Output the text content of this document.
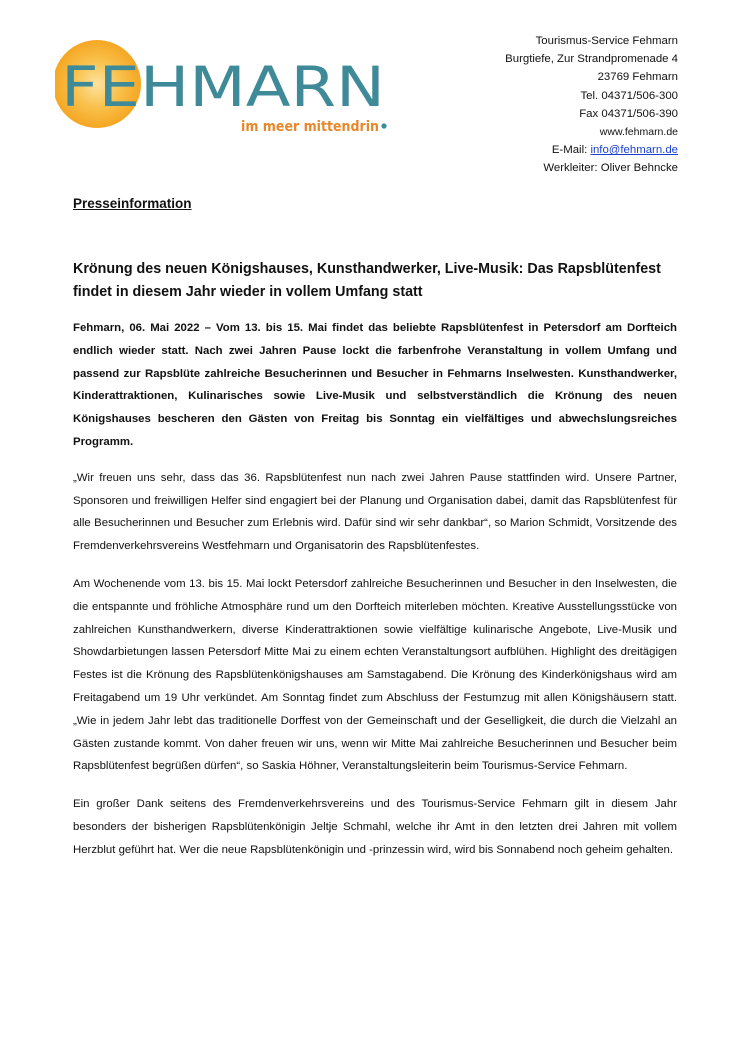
FEHMARN
im meer mittendrin
Tourismus-Service Fehmarn
Burgtiefe, Zur Strandpromenade 4
23769 Fehmarn
Tel. 04371/506-300
Fax 04371/506-390
www.fehmarn.de
E-Mail: info@fehmarn.de
Werkleiter: Oliver Behncke
Presseinformation
Krönung des neuen Königshauses, Kunsthandwerker, Live-Musik: Das Rapsblütenfest findet in diesem Jahr wieder in vollem Umfang statt

Fehmarn, 06. Mai 2022 – Vom 13. bis 15. Mai findet das beliebte Rapsblütenfest in Petersdorf am Dorfteich endlich wieder statt. Nach zwei Jahren Pause lockt die farbenfrohe Veranstaltung in vollem Umfang und passend zur Rapsblüte zahlreiche Besucherinnen und Besucher in Fehmarns Inselwesten. Kunsthandwerker, Kinderattraktionen, Kulinarisches sowie Live-Musik und selbstverständlich die Krönung des neuen Königshauses bescheren den Gästen von Freitag bis Sonntag ein vielfältiges und abwechslungsreiches Programm.

„Wir freuen uns sehr, dass das 36. Rapsblütenfest nun nach zwei Jahren Pause stattfinden wird. Unsere Partner, Sponsoren und freiwilligen Helfer sind engagiert bei der Planung und Organisation dabei, damit das Rapsblütenfest für alle Besucherinnen und Besucher zum Erlebnis wird. Dafür sind wir sehr dankbar“, so Marion Schmidt, Vorsitzende des Fremdenverkehrsvereins Westfehmarn und Organisatorin des Rapsblütenfestes.

Am Wochenende vom 13. bis 15. Mai lockt Petersdorf zahlreiche Besucherinnen und Besucher in den Inselwesten, die die entspannte und fröhliche Atmosphäre rund um den Dorfteich miterleben möchten. Kreative Ausstellungsstücke von zahlreichen Kunsthandwerkern, diverse Kinderattraktionen sowie vielfältige kulinarische Angebote, Live-Musik und Showdarbietungen lassen Petersdorf Mitte Mai zu einem echten Veranstaltungsort aufblühen. Highlight des dreitägigen Festes ist die Krönung des Rapsblütenkönigshauses am Samstagabend. Die Krönung des Kinderkönigshaus wird am Freitagabend um 19 Uhr verkündet. Am Sonntag findet zum Abschluss der Festumzug mit allen Königshäusern statt. „Wie in jedem Jahr lebt das traditionelle Dorffest von der Gemeinschaft und der Geselligkeit, die durch die Vielzahl an Gästen zustande kommt. Von daher freuen wir uns, wenn wir Mitte Mai zahlreiche Besucherinnen und Besucher beim Rapsblütenfest begrüßen dürfen“, so Saskia Höhner, Veranstaltungsleiterin beim Tourismus-Service Fehmarn.

Ein großer Dank seitens des Fremdenverkehrsvereins und des Tourismus-Service Fehmarn gilt in diesem Jahr besonders der bisherigen Rapsblütenkönigin Jeltje Schmahl, welche ihr Amt in den letzten drei Jahren mit vollem Herzblut geführt hat. Wer die neue Rapsblütenkönigin und -prinzessin wird, wird bis Sonnabend noch geheim gehalten.
